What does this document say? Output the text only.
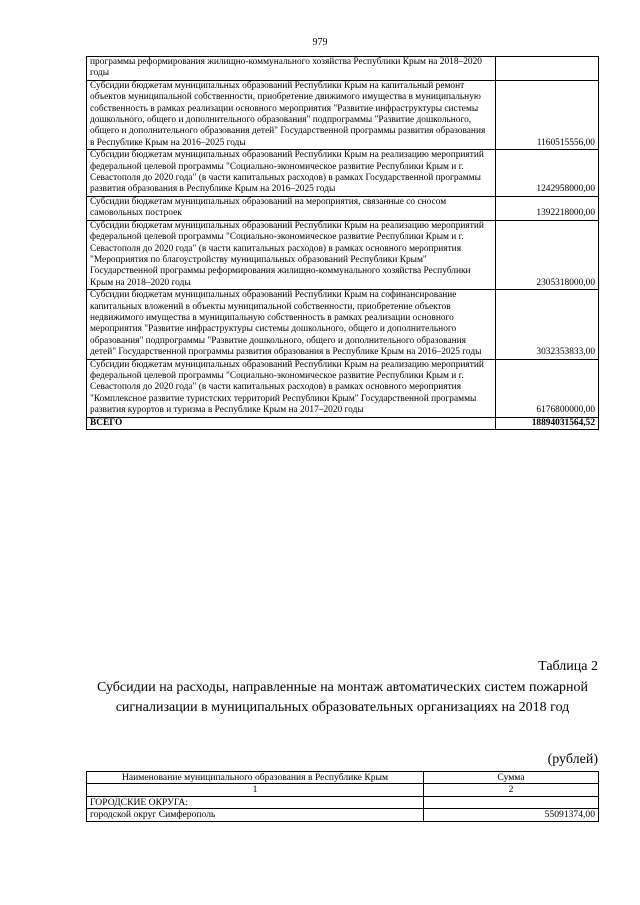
979
программы реформирования жилищно-коммунального хозяйства Республики Крым на 2018–2020 годы	
Субсидии бюджетам муниципальных образований Республики Крым на капитальный ремонт объектов муниципальной собственности, приобретение движимого имущества в муниципальную собственность в рамках реализации основного мероприятия "Развитие инфраструктуры системы дошкольного, общего и дополнительного образования" подпрограммы "Развитие дошкольного, общего и дополнительного образования детей" Государственной программы развития образования в Республике Крым на 2016–2025 годы	1160515556,00
Субсидии бюджетам муниципальных образований Республики Крым на реализацию мероприятий федеральной целевой программы "Социально-экономическое развитие Республики Крым и г. Севастополя до 2020 года" (в части капитальных расходов) в рамках Государственной программы развития образования в Республике Крым на 2016–2025 годы	1242958000,00
Субсидии бюджетам муниципальных образований на мероприятия, связанные со сносом самовольных построек	1392218000,00
Субсидии бюджетам муниципальных образований Республики Крым на реализацию мероприятий федеральной целевой программы "Социально-экономическое развитие Республики Крым и г. Севастополя до 2020 года" (в части капитальных расходов) в рамках основного мероприятия "Мероприятия по благоустройству муниципальных образований Республики Крым" Государственной программы реформирования жилищно-коммунального хозяйства Республики Крым на 2018–2020 годы	2305318000,00
Субсидии бюджетам муниципальных образований Республики Крым на софинансирование капитальных вложений в объекты муниципальной собственности, приобретение объектов недвижимого имущества в муниципальную собственность в рамках реализации основного мероприятия "Развитие инфраструктуры системы дошкольного, общего и дополнительного образования" подпрограммы "Развитие дошкольного, общего и дополнительного образования детей" Государственной программы развития образования в Республике Крым на 2016–2025 годы	3032353833,00
Субсидии бюджетам муниципальных образований Республики Крым на реализацию мероприятий федеральной целевой программы "Социально-экономическое развитие Республики Крым и г. Севастополя до 2020 года" (в части капитальных расходов) в рамках основного мероприятия "Комплексное развитие туристских территорий Республики Крым" Государственной программы развития курортов и туризма в Республике Крым на 2017–2020 годы	6176800000,00
ВСЕГО	18894031564,52
Таблица 2
Субсидии на расходы, направленные на монтаж автоматических систем пожарной сигнализации в муниципальных образовательных организациях на 2018 год
(рублей)
Наименование муниципального образования в Республике Крым	Сумма
1	2
ГОРОДСКИЕ ОКРУГА:	
городской округ Симферополь	55091374,00
